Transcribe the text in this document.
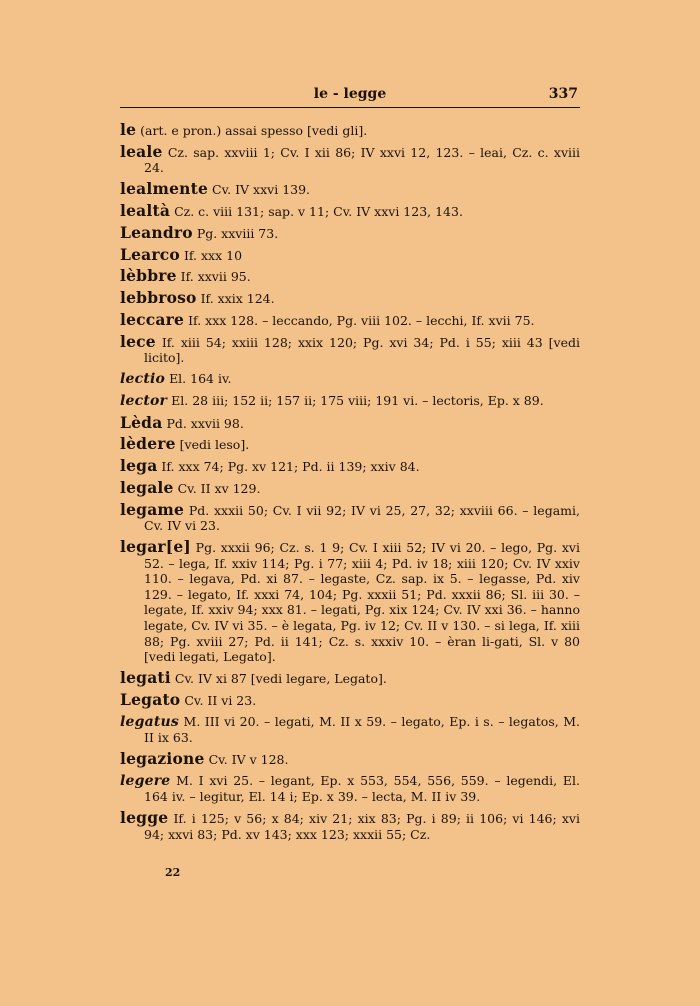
le - legge	337
le (art. e pron.) assai spesso [vedi gli].
leale Cz. sap. xxviii 1; Cv. I xii 86; IV xxvi 12, 123. – leai, Cz. c. xviii 24.
lealmente Cv. IV xxvi 139.
lealtà Cz. c. viii 131; sap. v 11; Cv. IV xxvi 123, 143.
Leandro Pg. xxviii 73.
Learco If. xxx 10
lèbbre If. xxvii 95.
lebbroso If. xxix 124.
leccare If. xxx 128. – leccando, Pg. viii 102. – lecchi, If. xvii 75.
lece If. xiii 54; xxiii 128; xxix 120; Pg. xvi 34; Pd. i 55; xiii 43 [vedi licito].
lectio El. 164 iv.
lector El. 28 iii; 152 ii; 157 ii; 175 viii; 191 vi. – lectoris, Ep. x 89.
Lèda Pd. xxvii 98.
lèdere [vedi leso].
lega If. xxx 74; Pg. xv 121; Pd. ii 139; xxiv 84.
legale Cv. II xv 129.
legame Pd. xxxii 50; Cv. I vii 92; IV vi 25, 27, 32; xxviii 66. – legami, Cv. IV vi 23.
legar[e] Pg. xxxii 96; Cz. s. 1 9; Cv. I xiii 52; IV vi 20. – lego, Pg. xvi 52. – lega, If. xxiv 114; Pg. i 77; xiii 4; Pd. iv 18; xiii 120; Cv. IV xxiv 110. – legava, Pd. xi 87. – legaste, Cz. sap. ix 5. – legasse, Pd. xiv 129. – legato, If. xxxi 74, 104; Pg. xxxii 51; Pd. xxxii 86; Sl. iii 30. – legate, If. xxiv 94; xxx 81. – legati, Pg. xix 124; Cv. IV xxi 36. – hanno legate, Cv. IV vi 35. – è legata, Pg. iv 12; Cv. II v 130. – si lega, If. xiii 88; Pg. xviii 27; Pd. ii 141; Cz. s. xxxiv 10. – èran li-gati, Sl. v 80 [vedi legati, Legato].
legati Cv. IV xi 87 [vedi legare, Legato].
Legato Cv. II vi 23.
legatus M. III vi 20. – legati, M. II x 59. – legato, Ep. i s. – legatos, M. II ix 63.
legazione Cv. IV v 128.
legere M. I xvi 25. – legant, Ep. x 553, 554, 556, 559. – legendi, El. 164 iv. – legitur, El. 14 i; Ep. x 39. – lecta, M. II iv 39.
legge If. i 125; v 56; x 84; xiv 21; xix 83; Pg. i 89; ii 106; vi 146; xvi 94; xxvi 83; Pd. xv 143; xxx 123; xxxii 55; Cz.
22
